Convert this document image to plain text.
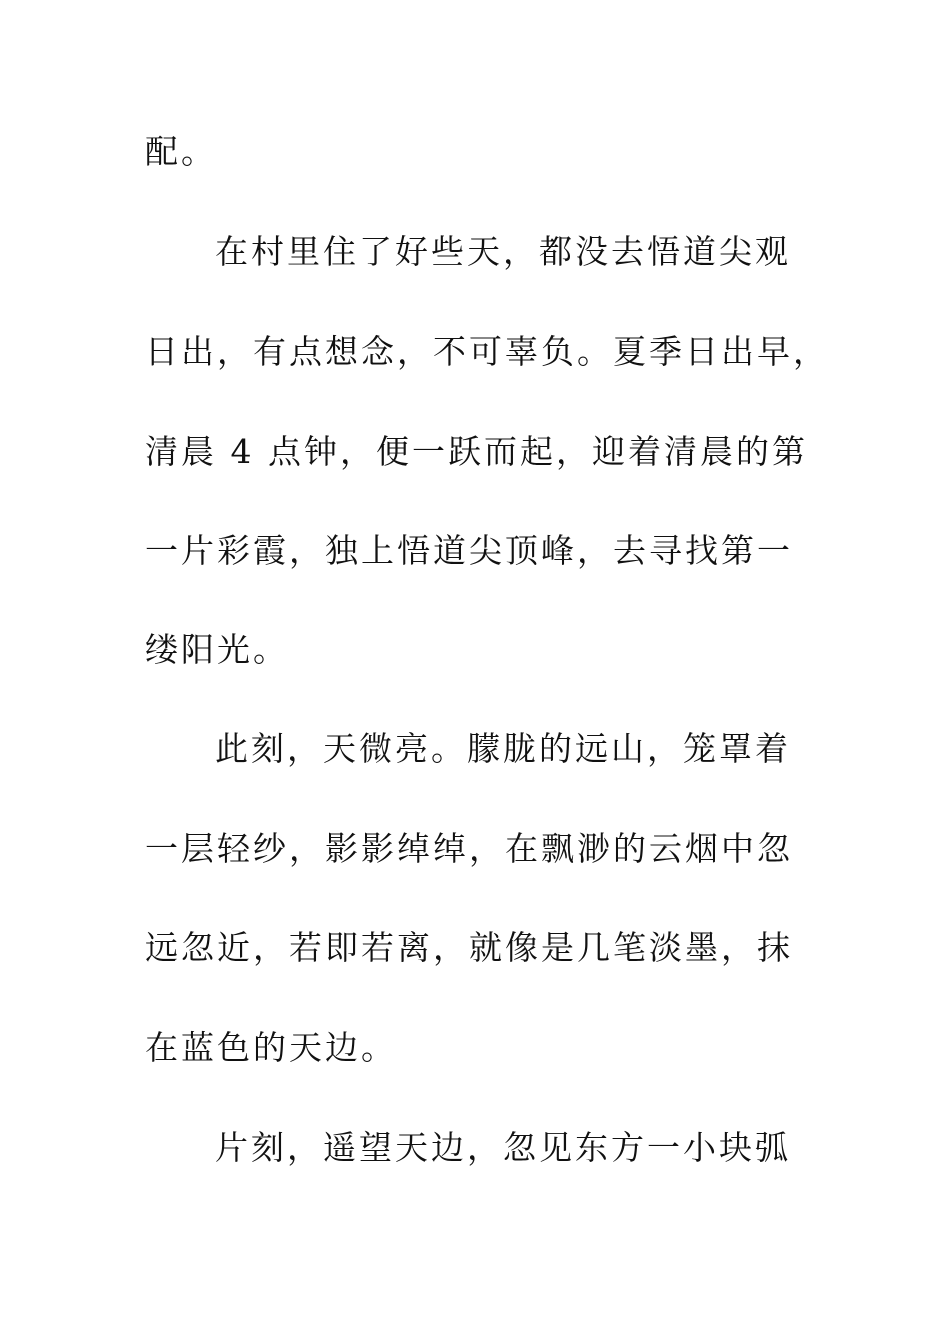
配。
在村里住了好些天，都没去悟道尖观
日出，有点想念，不可辜负。夏季日出早，
清晨 4 点钟，便一跃而起，迎着清晨的第
一片彩霞，独上悟道尖顶峰，去寻找第一
缕阳光。
此刻，天微亮。朦胧的远山，笼罩着
一层轻纱，影影绰绰，在飘渺的云烟中忽
远忽近，若即若离，就像是几笔淡墨，抹
在蓝色的天边。
片刻，遥望天边，忽见东方一小块弧
